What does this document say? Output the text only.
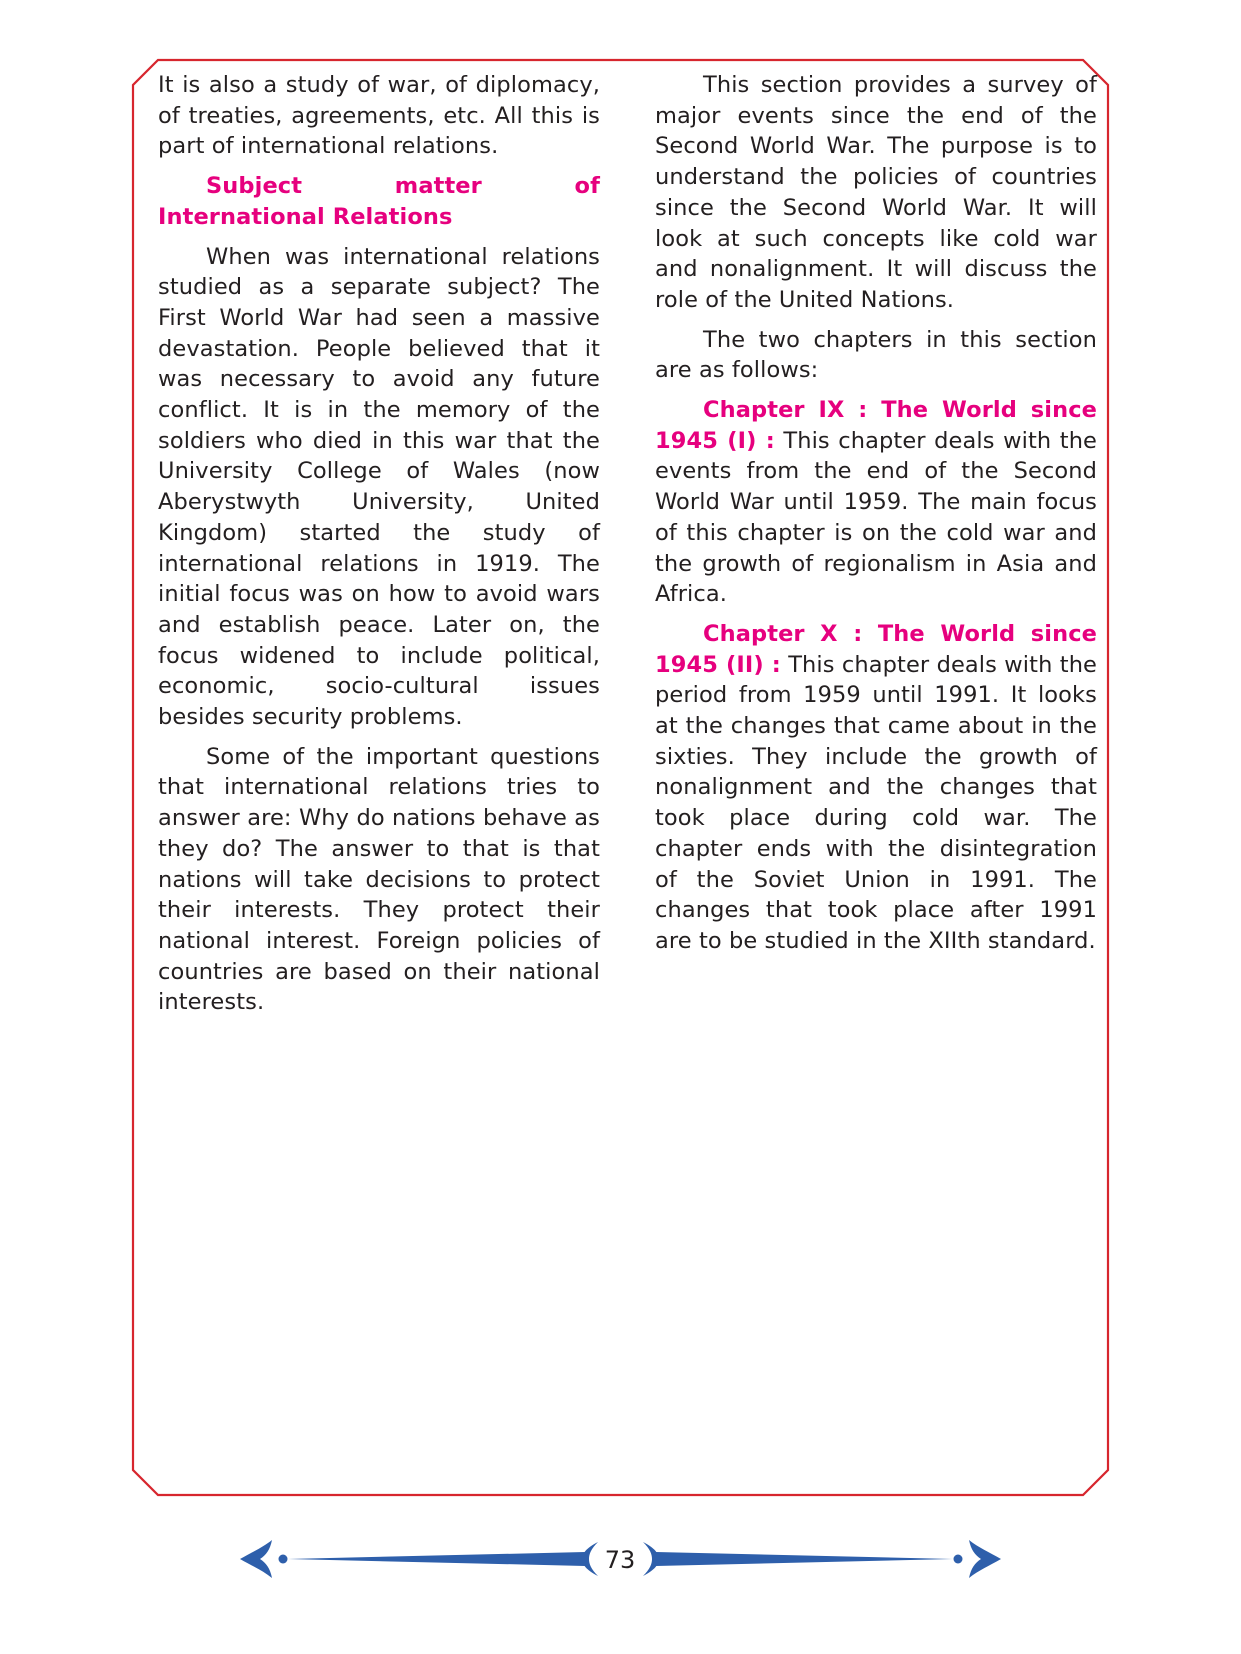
It is also a study of war, of diplomacy, of treaties, agreements, etc. All this is part of international relations.

Subject matter of International Relations

When was international relations studied as a separate subject? The First World War had seen a massive devastation. People believed that it was necessary to avoid any future conflict. It is in the memory of the soldiers who died in this war that the University College of Wales (now Aberystwyth University, United Kingdom) started the study of international relations in 1919. The initial focus was on how to avoid wars and establish peace. Later on, the focus widened to include political, economic, socio-cultural issues besides security problems.

Some of the important questions that international relations tries to answer are: Why do nations behave as they do? The answer to that is that nations will take decisions to protect their interests. They protect their national interest. Foreign policies of countries are based on their national interests.

This section provides a survey of major events since the end of the Second World War. The purpose is to understand the policies of countries since the Second World War. It will look at such concepts like cold war and nonalignment. It will discuss the role of the United Nations.

The two chapters in this section are as follows:

Chapter IX : The World since 1945 (I) : This chapter deals with the events from the end of the Second World War until 1959. The main focus of this chapter is on the cold war and the growth of regionalism in Asia and Africa.

Chapter X : The World since 1945 (II) : This chapter deals with the period from 1959 until 1991. It looks at the changes that came about in the sixties. They include the growth of nonalignment and the changes that took place during cold war. The chapter ends with the disintegration of the Soviet Union in 1991. The changes that took place after 1991 are to be studied in the XIIth standard.

73
